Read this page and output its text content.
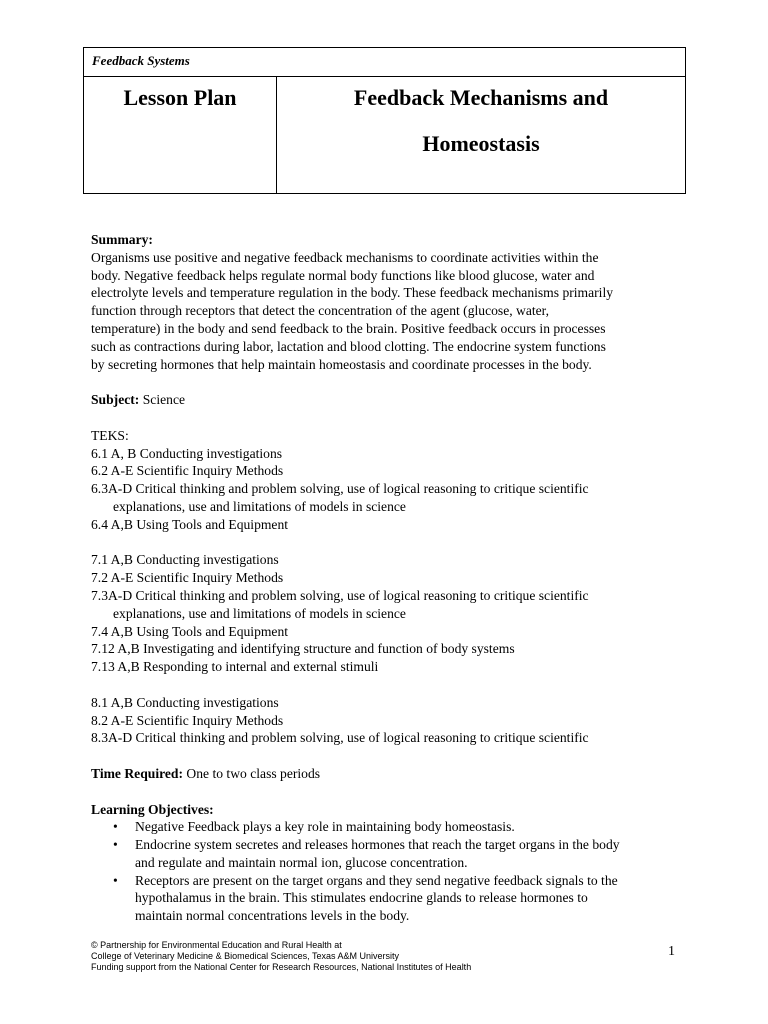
Feedback Systems
Lesson Plan	Feedback Mechanisms and
Homeostasis
Summary:
Organisms use positive and negative feedback mechanisms to coordinate activities within the
body. Negative feedback helps regulate normal body functions like blood glucose, water and
electrolyte levels and temperature regulation in the body. These feedback mechanisms primarily
function through receptors that detect the concentration of the agent (glucose, water,
temperature) in the body and send feedback to the brain. Positive feedback occurs in processes
such as contractions during labor, lactation and blood clotting. The endocrine system functions
by secreting hormones that help maintain homeostasis and coordinate processes in the body.
Subject: Science
TEKS:
6.1 A, B Conducting investigations
6.2 A-E Scientific Inquiry Methods
6.3A-D Critical thinking and problem solving, use of logical reasoning to critique scientific
explanations, use and limitations of models in science
6.4 A,B Using Tools and Equipment
7.1 A,B Conducting investigations
7.2 A-E Scientific Inquiry Methods
7.3A-D Critical thinking and problem solving, use of logical reasoning to critique scientific
explanations, use and limitations of models in science
7.4 A,B Using Tools and Equipment
7.12 A,B Investigating and identifying structure and function of body systems
7.13 A,B Responding to internal and external stimuli
8.1 A,B Conducting investigations
8.2 A-E Scientific Inquiry Methods
8.3A-D Critical thinking and problem solving, use of logical reasoning to critique scientific
Time Required: One to two class periods
Learning Objectives:
• Negative Feedback plays a key role in maintaining body homeostasis.
• Endocrine system secretes and releases hormones that reach the target organs in the body
and regulate and maintain normal ion, glucose concentration.
• Receptors are present on the target organs and they send negative feedback signals to the
hypothalamus in the brain. This stimulates endocrine glands to release hormones to
maintain normal concentrations levels in the body.
© Partnership for Environmental Education and Rural Health at
College of Veterinary Medicine & Biomedical Sciences, Texas A&M University
Funding support from the National Center for Research Resources, National Institutes of Health
1
